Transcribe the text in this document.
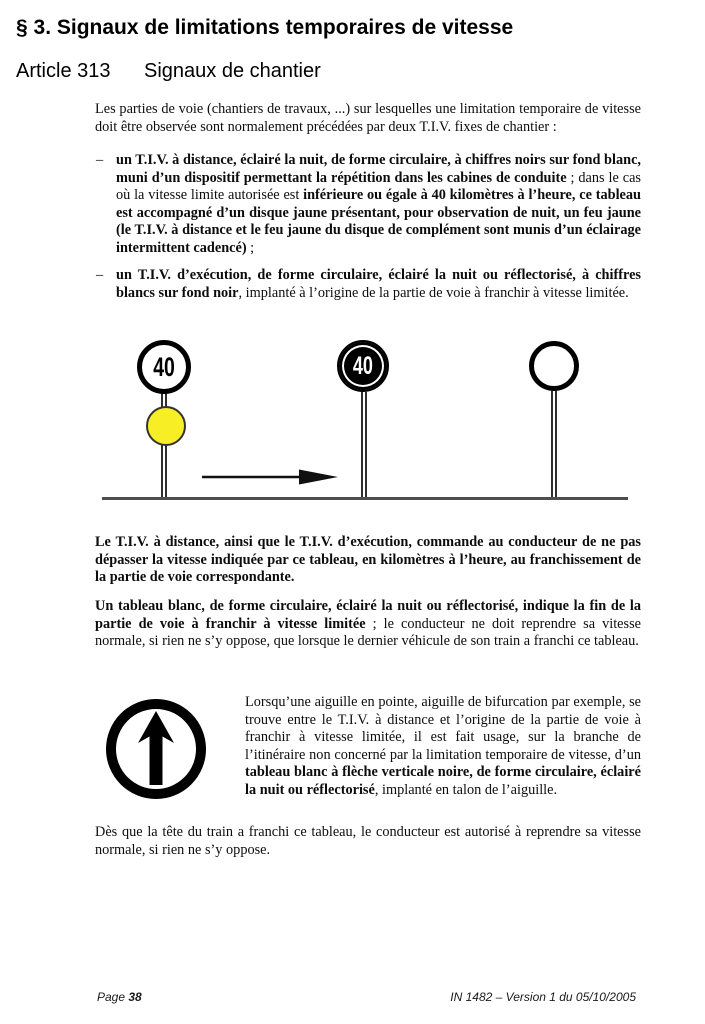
§ 3. Signaux de limitations temporaires de vitesse
Article 313 Signaux de chantier

Les parties de voie (chantiers de travaux, ...) sur lesquelles une limitation temporaire de vitesse doit être observée sont normalement précédées par deux T.I.V. fixes de chantier :

– un T.I.V. à distance, éclairé la nuit, de forme circulaire, à chiffres noirs sur fond blanc, muni d’un dispositif permettant la répétition dans les cabines de conduite ; dans le cas où la vitesse limite autorisée est inférieure ou égale à 40 kilomètres à l’heure, ce tableau est accompagné d’un disque jaune présentant, pour observation de nuit, un feu jaune (le T.I.V. à distance et le feu jaune du disque de complément sont munis d’un éclairage intermittent cadencé) ;
– un T.I.V. d’exécution, de forme circulaire, éclairé la nuit ou réflectorisé, à chiffres blancs sur fond noir, implanté à l’origine de la partie de voie à franchir à vitesse limitée.
40	40

Le T.I.V. à distance, ainsi que le T.I.V. d’exécution, commande au conducteur de ne pas dépasser la vitesse indiquée par ce tableau, en kilomètres à l’heure, au franchissement de la partie de voie correspondante.

Un tableau blanc, de forme circulaire, éclairé la nuit ou réflectorisé, indique la fin de la partie de voie à franchir à vitesse limitée ; le conducteur ne doit reprendre sa vitesse normale, si rien ne s’y oppose, que lorsque le dernier véhicule de son train a franchi ce tableau.

Lorsqu’une aiguille en pointe, aiguille de bifurcation par exemple, se trouve entre le T.I.V. à distance et l’origine de la partie de voie à franchir à vitesse limitée, il est fait usage, sur la branche de l’itinéraire non concerné par la limitation temporaire de vitesse, d’un tableau blanc à flèche verticale noire, de forme circulaire, éclairé la nuit ou réflectorisé, implanté en talon de l’aiguille.

Dès que la tête du train a franchi ce tableau, le conducteur est autorisé à reprendre sa vitesse normale, si rien ne s’y oppose.

Page 38	IN 1482 – Version 1 du 05/10/2005
